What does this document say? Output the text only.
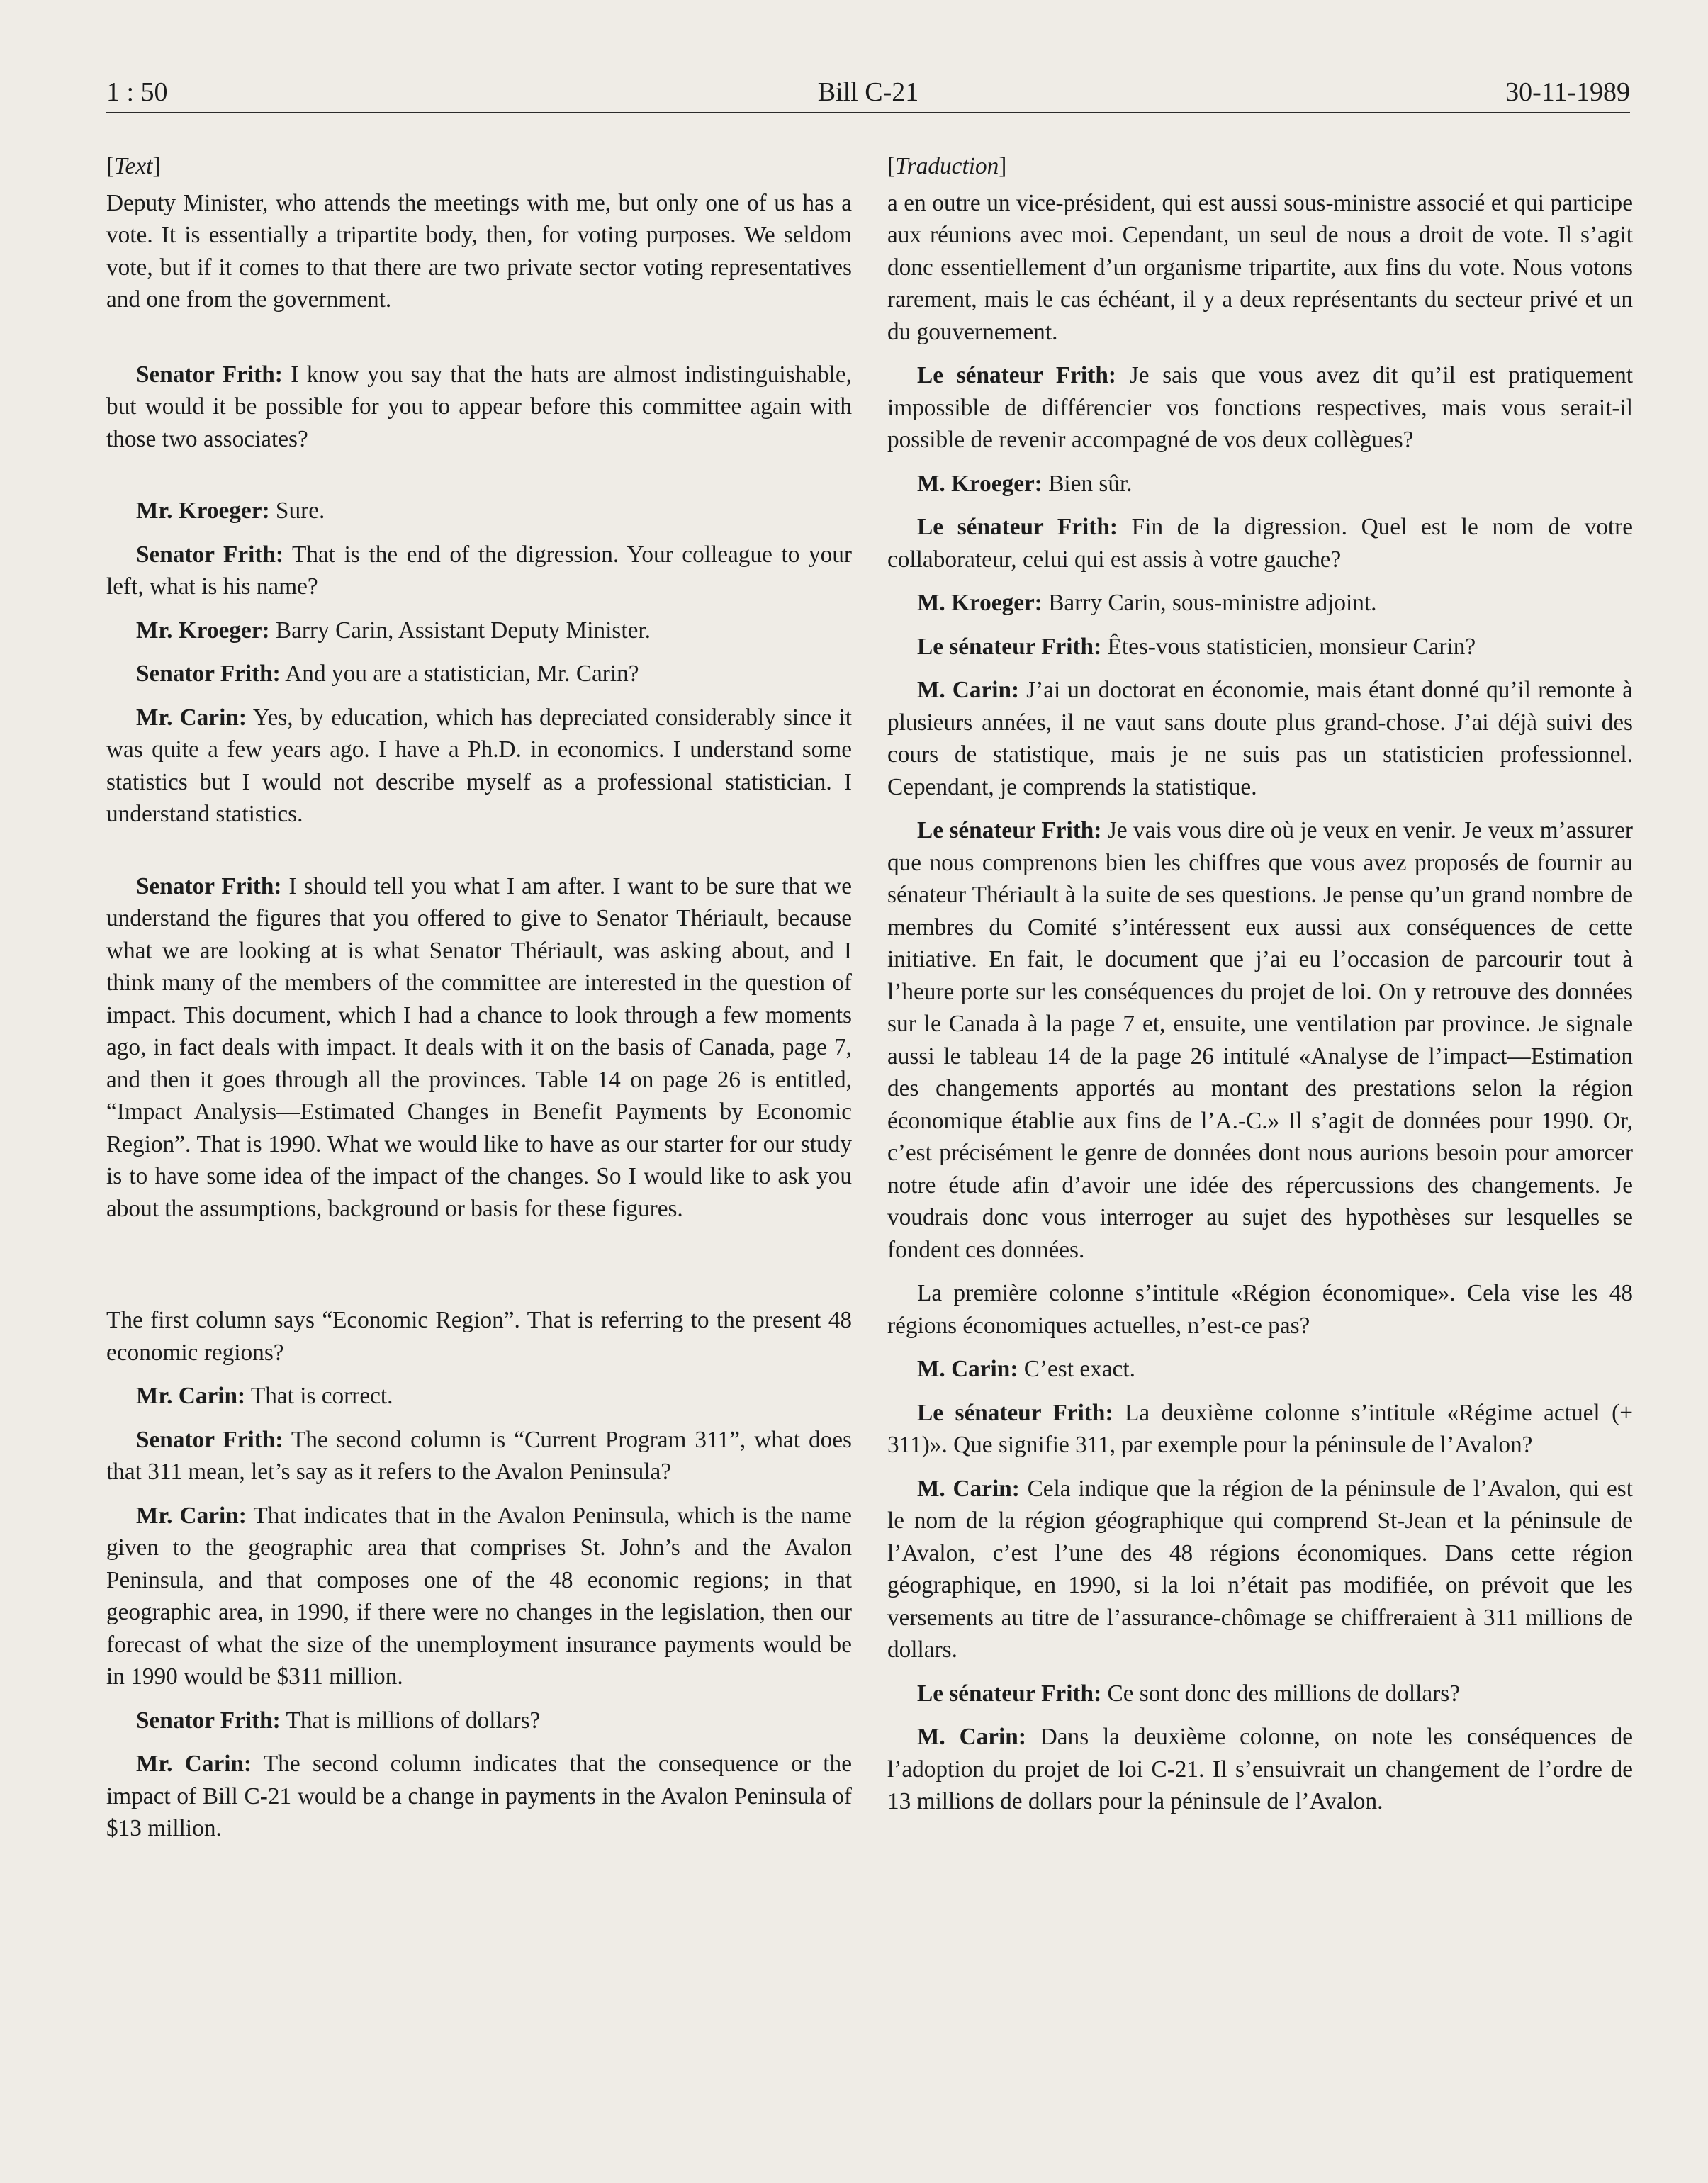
1 : 50	Bill C-21	30-11-1989
[Text]

Deputy Minister, who attends the meetings with me, but only one of us has a vote. It is essentially a tripartite body, then, for voting purposes. We seldom vote, but if it comes to that there are two private sector voting representatives and one from the government.

Senator Frith: I know you say that the hats are almost indistinguishable, but would it be possible for you to appear before this committee again with those two associates?

Mr. Kroeger: Sure.

Senator Frith: That is the end of the digression. Your colleague to your left, what is his name?

Mr. Kroeger: Barry Carin, Assistant Deputy Minister.

Senator Frith: And you are a statistician, Mr. Carin?

Mr. Carin: Yes, by education, which has depreciated considerably since it was quite a few years ago. I have a Ph.D. in economics. I understand some statistics but I would not describe myself as a professional statistician. I understand statistics.

Senator Frith: I should tell you what I am after. I want to be sure that we understand the figures that you offered to give to Senator Thériault, because what we are looking at is what Senator Thériault, was asking about, and I think many of the members of the committee are interested in the question of impact. This document, which I had a chance to look through a few moments ago, in fact deals with impact. It deals with it on the basis of Canada, page 7, and then it goes through all the provinces. Table 14 on page 26 is entitled, “Impact Analysis—Estimated Changes in Benefit Payments by Economic Region”. That is 1990. What we would like to have as our starter for our study is to have some idea of the impact of the changes. So I would like to ask you about the assumptions, background or basis for these figures.

The first column says “Economic Region”. That is referring to the present 48 economic regions?

Mr. Carin: That is correct.

Senator Frith: The second column is “Current Program 311”, what does that 311 mean, let’s say as it refers to the Avalon Peninsula?

Mr. Carin: That indicates that in the Avalon Peninsula, which is the name given to the geographic area that comprises St. John’s and the Avalon Peninsula, and that composes one of the 48 economic regions; in that geographic area, in 1990, if there were no changes in the legislation, then our forecast of what the size of the unemployment insurance payments would be in 1990 would be $311 million.

Senator Frith: That is millions of dollars?

Mr. Carin: The second column indicates that the consequence or the impact of Bill C-21 would be a change in payments in the Avalon Peninsula of $13 million.

[Traduction]

a en outre un vice-président, qui est aussi sous-ministre associé et qui participe aux réunions avec moi. Cependant, un seul de nous a droit de vote. Il s’agit donc essentiellement d’un organisme tripartite, aux fins du vote. Nous votons rarement, mais le cas échéant, il y a deux représentants du secteur privé et un du gouvernement.

Le sénateur Frith: Je sais que vous avez dit qu’il est pratiquement impossible de différencier vos fonctions respectives, mais vous serait-il possible de revenir accompagné de vos deux collègues?

M. Kroeger: Bien sûr.

Le sénateur Frith: Fin de la digression. Quel est le nom de votre collaborateur, celui qui est assis à votre gauche?

M. Kroeger: Barry Carin, sous-ministre adjoint.

Le sénateur Frith: Êtes-vous statisticien, monsieur Carin?

M. Carin: J’ai un doctorat en économie, mais étant donné qu’il remonte à plusieurs années, il ne vaut sans doute plus grand-chose. J’ai déjà suivi des cours de statistique, mais je ne suis pas un statisticien professionnel. Cependant, je comprends la statistique.

Le sénateur Frith: Je vais vous dire où je veux en venir. Je veux m’assurer que nous comprenons bien les chiffres que vous avez proposés de fournir au sénateur Thériault à la suite de ses questions. Je pense qu’un grand nombre de membres du Comité s’intéressent eux aussi aux conséquences de cette initiative. En fait, le document que j’ai eu l’occasion de parcourir tout à l’heure porte sur les conséquences du projet de loi. On y retrouve des données sur le Canada à la page 7 et, ensuite, une ventilation par province. Je signale aussi le tableau 14 de la page 26 intitulé «Analyse de l’impact—Estimation des changements apportés au montant des prestations selon la région économique établie aux fins de l’A.-C.» Il s’agit de données pour 1990. Or, c’est précisément le genre de données dont nous aurions besoin pour amorcer notre étude afin d’avoir une idée des répercussions des changements. Je voudrais donc vous interroger au sujet des hypothèses sur lesquelles se fondent ces données.

La première colonne s’intitule «Région économique». Cela vise les 48 régions économiques actuelles, n’est-ce pas?

M. Carin: C’est exact.

Le sénateur Frith: La deuxième colonne s’intitule «Régime actuel (+ 311)». Que signifie 311, par exemple pour la péninsule de l’Avalon?

M. Carin: Cela indique que la région de la péninsule de l’Avalon, qui est le nom de la région géographique qui comprend St-Jean et la péninsule de l’Avalon, c’est l’une des 48 régions économiques. Dans cette région géographique, en 1990, si la loi n’était pas modifiée, on prévoit que les versements au titre de l’assurance-chômage se chiffreraient à 311 millions de dollars.

Le sénateur Frith: Ce sont donc des millions de dollars?

M. Carin: Dans la deuxième colonne, on note les conséquences de l’adoption du projet de loi C-21. Il s’ensuivrait un changement de l’ordre de 13 millions de dollars pour la péninsule de l’Avalon.
